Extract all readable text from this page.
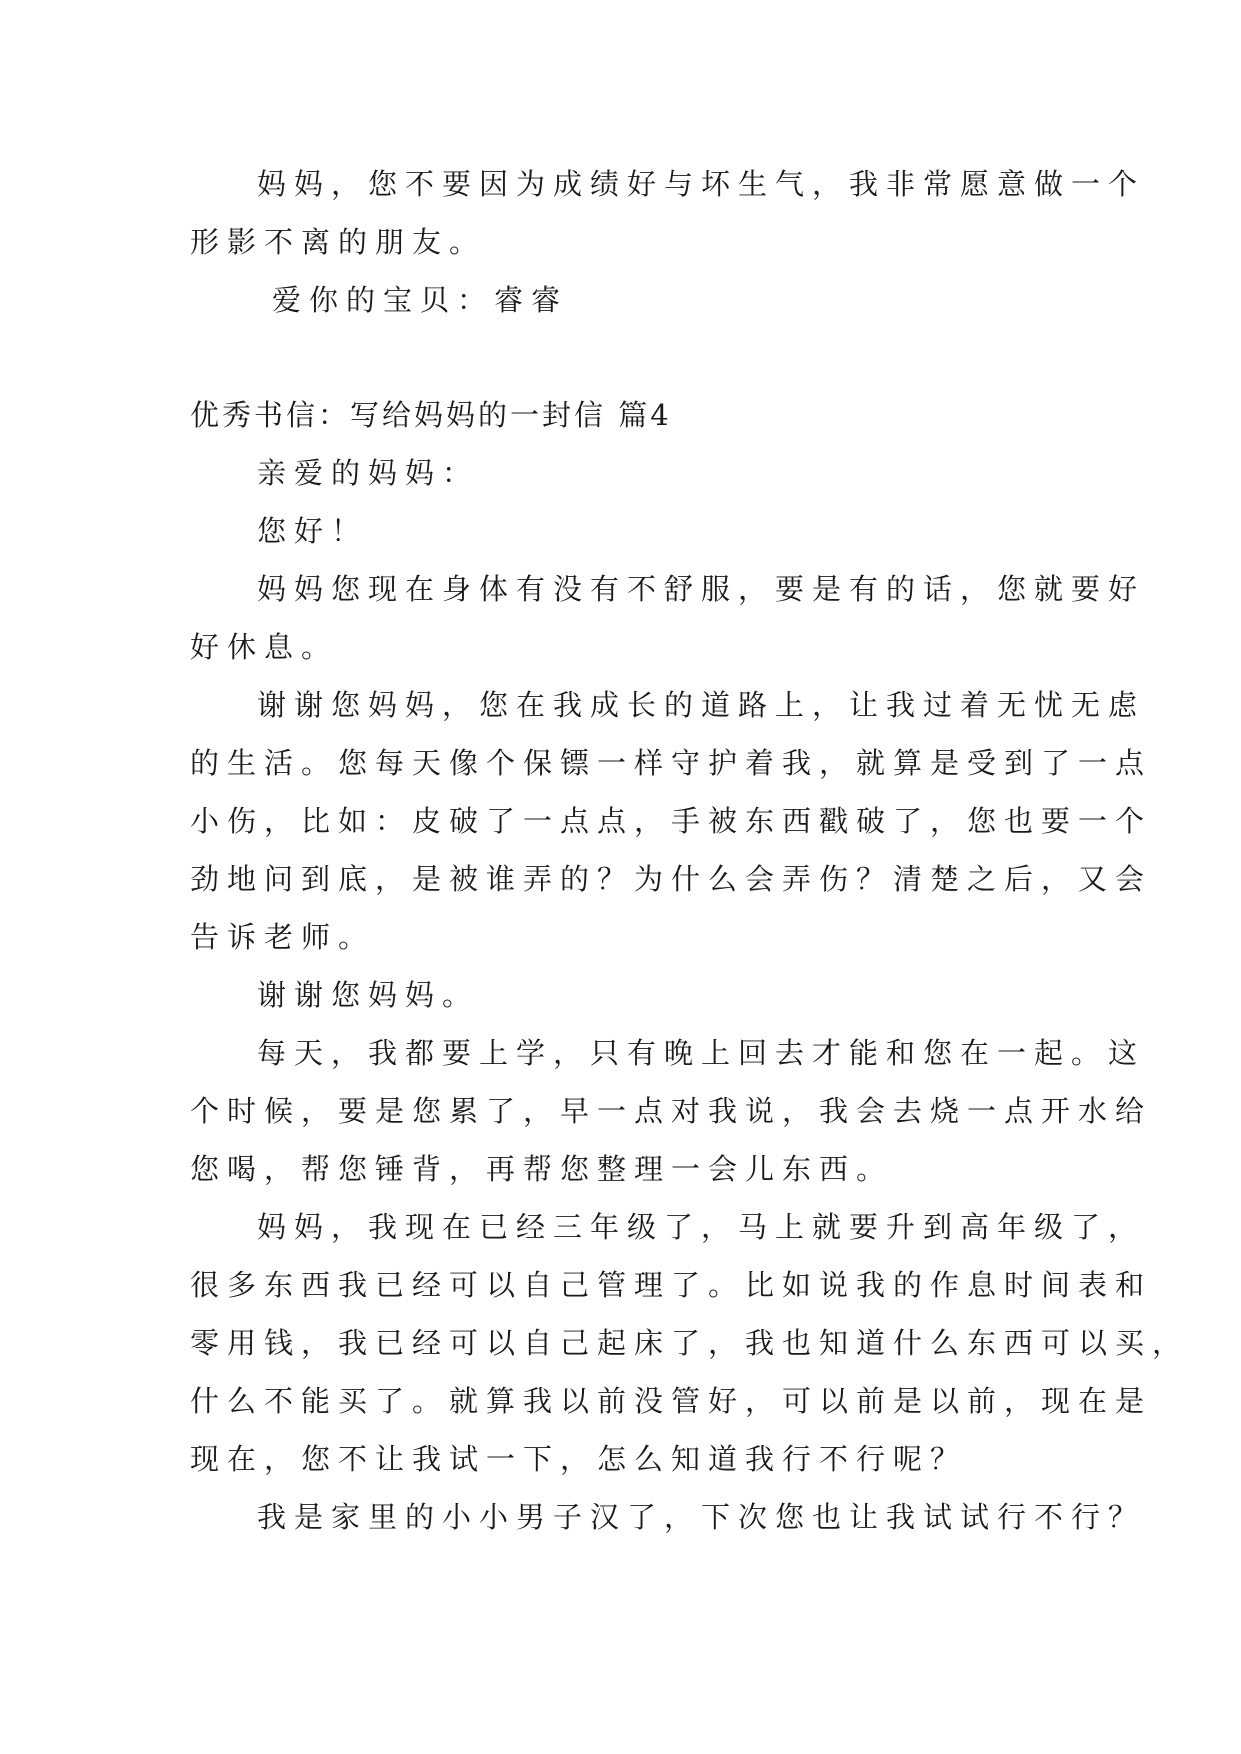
妈妈，您不要因为成绩好与坏生气，我非常愿意做一个
形影不离的朋友。
爱你的宝贝：睿睿
优秀书信：写给妈妈的一封信 篇4
亲爱的妈妈：
您好！
妈妈您现在身体有没有不舒服，要是有的话，您就要好
好休息。
谢谢您妈妈，您在我成长的道路上，让我过着无忧无虑
的生活。您每天像个保镖一样守护着我，就算是受到了一点
小伤，比如：皮破了一点点，手被东西戳破了，您也要一个
劲地问到底，是被谁弄的？为什么会弄伤？清楚之后，又会
告诉老师。
谢谢您妈妈。
每天，我都要上学，只有晚上回去才能和您在一起。这
个时候，要是您累了，早一点对我说，我会去烧一点开水给
您喝，帮您锤背，再帮您整理一会儿东西。
妈妈，我现在已经三年级了，马上就要升到高年级了，
很多东西我已经可以自己管理了。比如说我的作息时间表和
零用钱，我已经可以自己起床了，我也知道什么东西可以买，
什么不能买了。就算我以前没管好，可以前是以前，现在是
现在，您不让我试一下，怎么知道我行不行呢？
我是家里的小小男子汉了，下次您也让我试试行不行？
